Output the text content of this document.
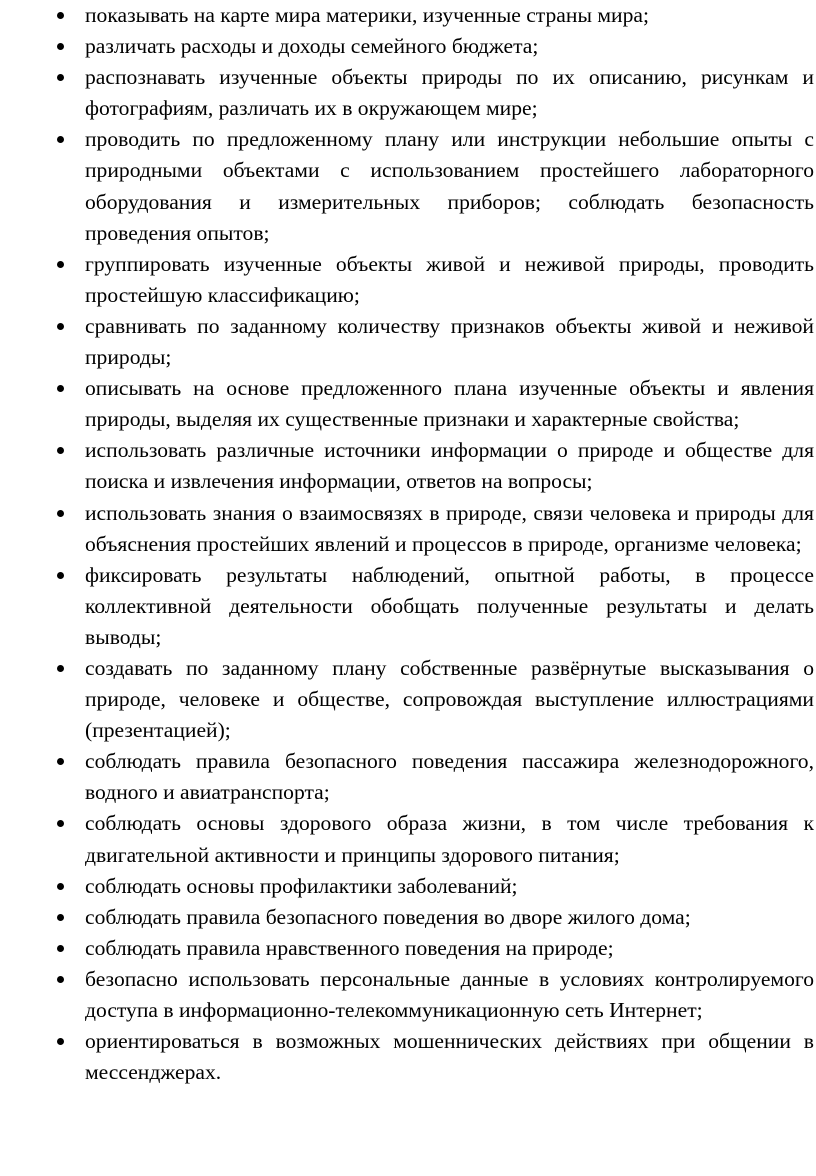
показывать на карте мира материки, изученные страны мира;
различать расходы и доходы семейного бюджета;
распознавать изученные объекты природы по их описанию, рисункам и фотографиям, различать их в окружающем мире;
проводить по предложенному плану или инструкции небольшие опыты с природными объектами с использованием простейшего лабораторного оборудования и измерительных приборов; соблюдать безопасность проведения опытов;
группировать изученные объекты живой и неживой природы, проводить простейшую классификацию;
сравнивать по заданному количеству признаков объекты живой и неживой природы;
описывать на основе предложенного плана изученные объекты и явления природы, выделяя их существенные признаки и характерные свойства;
использовать различные источники информации о природе и обществе для поиска и извлечения информации, ответов на вопросы;
использовать знания о взаимосвязях в природе, связи человека и природы для объяснения простейших явлений и процессов в природе, организме человека;
фиксировать результаты наблюдений, опытной работы, в процессе коллективной деятельности обобщать полученные результаты и делать выводы;
создавать по заданному плану собственные развёрнутые высказывания о природе, человеке и обществе, сопровождая выступление иллюстрациями (презентацией);
соблюдать правила безопасного поведения пассажира железнодорожного, водного и авиатранспорта;
соблюдать основы здорового образа жизни, в том числе требования к двигательной активности и принципы здорового питания;
соблюдать основы профилактики заболеваний;
соблюдать правила безопасного поведения во дворе жилого дома;
соблюдать правила нравственного поведения на природе;
безопасно использовать персональные данные в условиях контролируемого доступа в информационно-телекоммуникационную сеть Интернет;
ориентироваться в возможных мошеннических действиях при общении в мессенджерах.
